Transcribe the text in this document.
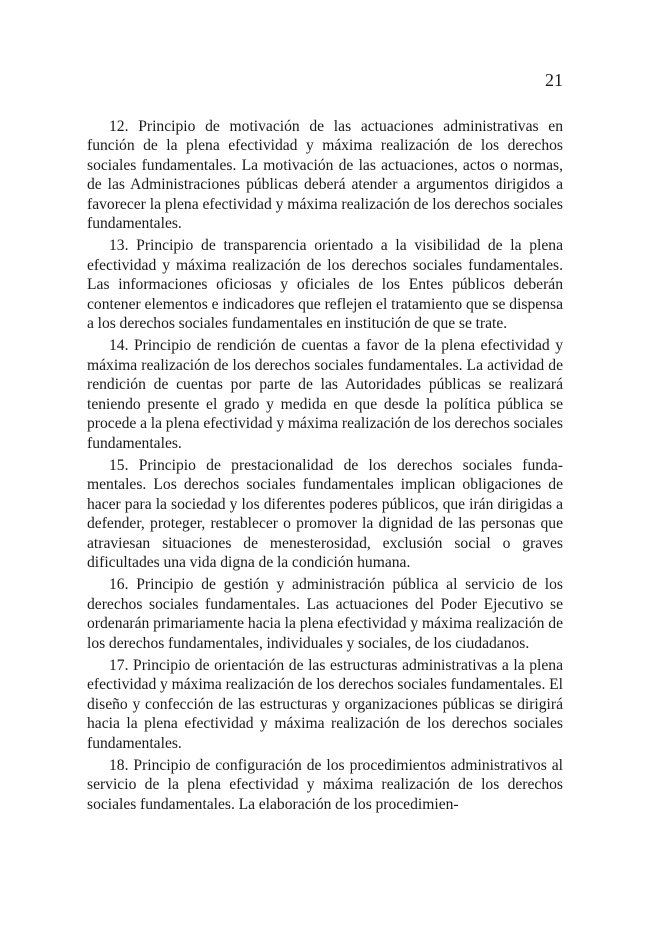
21

12. Principio de motivación de las actuaciones administrativas en función de la plena efectividad y máxima realización de los derechos sociales fundamentales. La motivación de las actuaciones, actos o normas, de las Administraciones públicas deberá atender a argumentos dirigidos a favorecer la plena efectividad y máxima realización de los derechos sociales fundamentales.

13. Principio de transparencia orientado a la visibilidad de la plena efectividad y máxima realización de los derechos sociales fundamentales. Las informaciones oficiosas y oficiales de los Entes públicos deberán contener elementos e indicadores que reflejen el tratamiento que se dispensa a los derechos sociales fundamentales en institución de que se trate.

14. Principio de rendición de cuentas a favor de la plena efectividad y máxima realización de los derechos sociales fundamentales. La actividad de rendición de cuentas por parte de las Autoridades públicas se realizará teniendo presente el grado y medida en que desde la política pública se procede a la plena efectividad y máxima realización de los derechos sociales fundamentales.

15. Principio de prestacionalidad de los derechos sociales fundamentales. Los derechos sociales fundamentales implican obligaciones de hacer para la sociedad y los diferentes poderes públicos, que irán dirigidas a defender, proteger, restablecer o promover la dignidad de las personas que atraviesan situaciones de menesterosidad, exclusión social o graves dificultades una vida digna de la condición humana.

16. Principio de gestión y administración pública al servicio de los derechos sociales fundamentales. Las actuaciones del Poder Ejecutivo se ordenarán primariamente hacia la plena efectividad y máxima realización de los derechos fundamentales, individuales y sociales, de los ciudadanos.

17. Principio de orientación de las estructuras administrativas a la plena efectividad y máxima realización de los derechos sociales fundamentales. El diseño y confección de las estructuras y organizaciones públicas se dirigirá hacia la plena efectividad y máxima realización de los derechos sociales fundamentales.

18. Principio de configuración de los procedimientos administrativos al servicio de la plena efectividad y máxima realización de los derechos sociales fundamentales. La elaboración de los procedimien-
